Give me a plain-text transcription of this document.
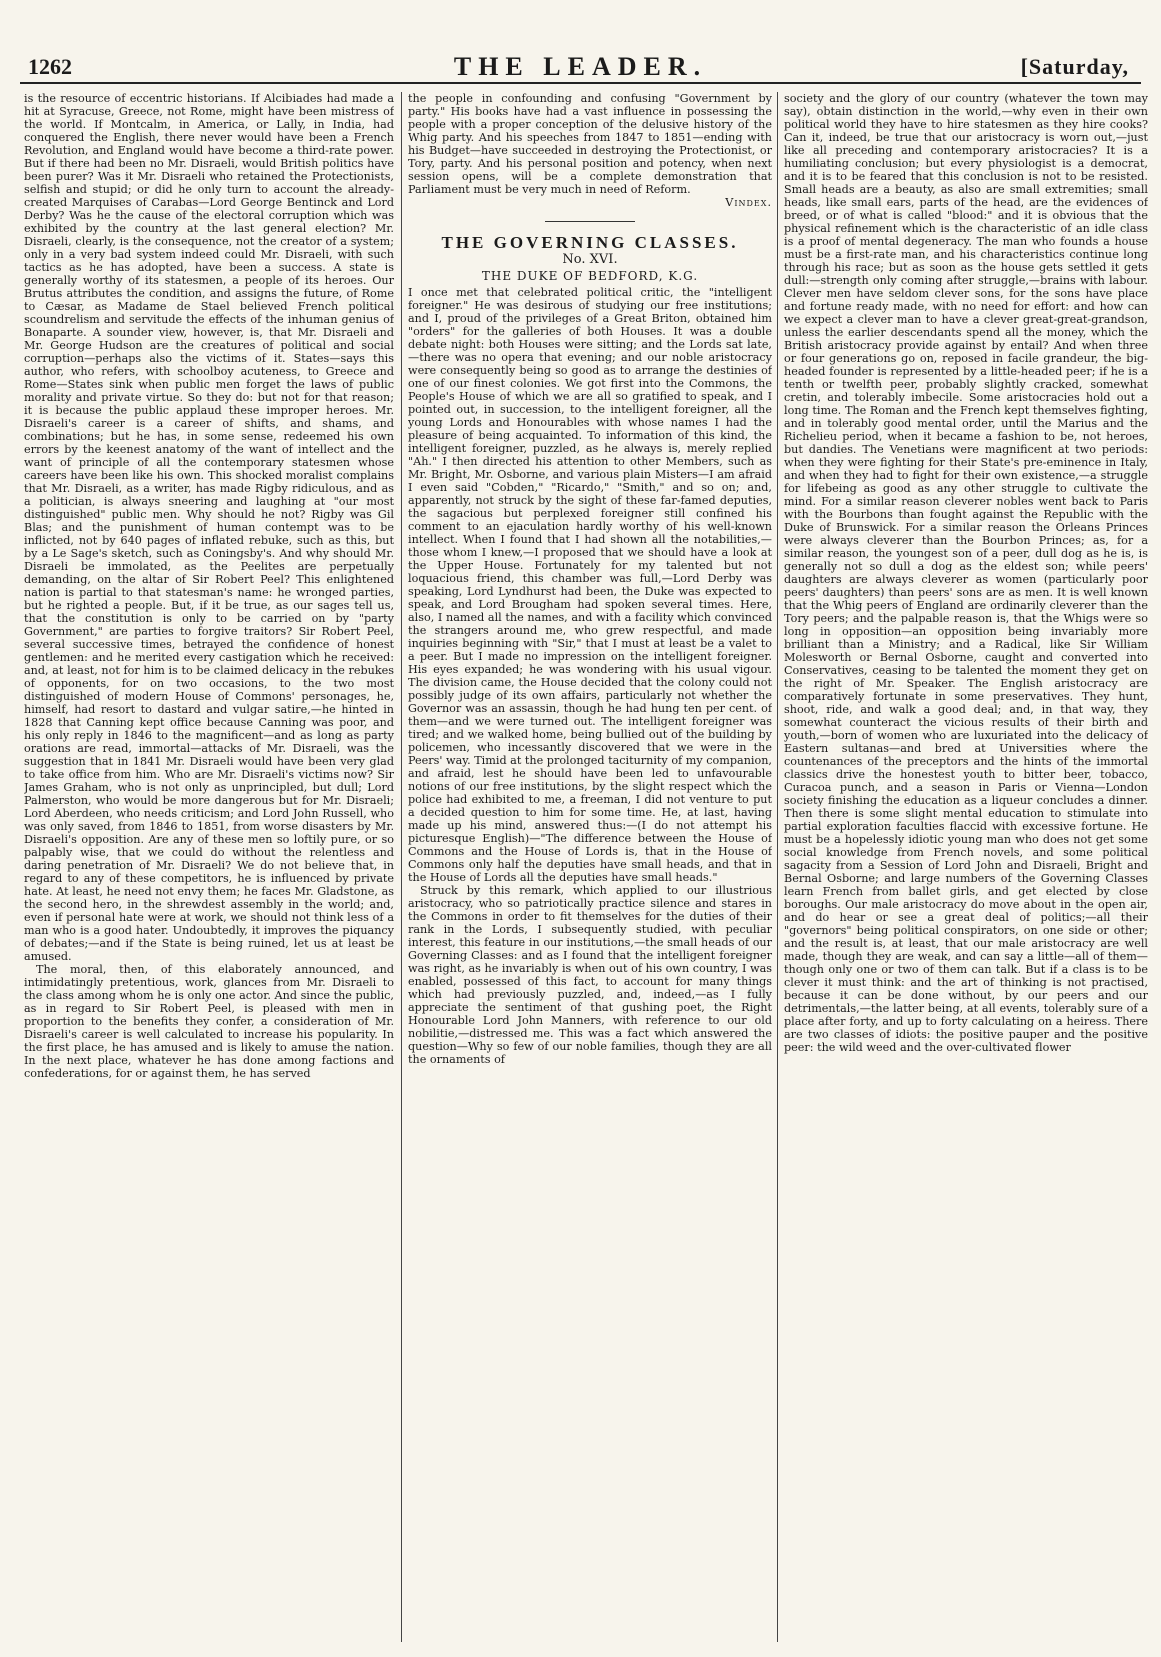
1262	THE LEADER.	[Saturday,

is the resource of eccentric historians. If Alcibiades had made a hit at Syracuse, Greece, not Rome, might have been mistress of the world. If Montcalm, in America, or Lally, in India, had conquered the English, there never would have been a French Revolution, and England would have become a third-rate power. But if there had been no Mr. Disraeli, would British politics have been purer? Was it Mr. Disraeli who retained the Protectionists, selfish and stupid; or did he only turn to account the already-created Marquises of Carabas—Lord George Bentinck and Lord Derby? Was he the cause of the electoral corruption which was exhibited by the country at the last general election? Mr. Disraeli, clearly, is the consequence, not the creator of a system; only in a very bad system indeed could Mr. Disraeli, with such tactics as he has adopted, have been a success. A state is generally worthy of its statesmen, a people of its heroes. Our Brutus attributes the condition, and assigns the future, of Rome to Cæsar, as Madame de Stael believed French political scoundrelism and servitude the effects of the inhuman genius of Bonaparte. A sounder view, however, is, that Mr. Disraeli and Mr. George Hudson are the creatures of political and social corruption—perhaps also the victims of it. States—says this author, who refers, with schoolboy acuteness, to Greece and Rome—States sink when public men forget the laws of public morality and private virtue. So they do: but not for that reason; it is because the public applaud these improper heroes. Mr. Disraeli's career is a career of shifts, and shams, and combinations; but he has, in some sense, redeemed his own errors by the keenest anatomy of the want of intellect and the want of principle of all the contemporary statesmen whose careers have been like his own. This shocked moralist complains that Mr. Disraeli, as a writer, has made Rigby ridiculous, and as a politician, is always sneering and laughing at "our most distinguished" public men. Why should he not? Rigby was Gil Blas; and the punishment of human contempt was to be inflicted, not by 640 pages of inflated rebuke, such as this, but by a Le Sage's sketch, such as Coningsby's. And why should Mr. Disraeli be immolated, as the Peelites are perpetually demanding, on the altar of Sir Robert Peel? This enlightened nation is partial to that statesman's name: he wronged parties, but he righted a people. But, if it be true, as our sages tell us, that the constitution is only to be carried on by "party Government," are parties to forgive traitors? Sir Robert Peel, several successive times, betrayed the confidence of honest gentlemen: and he merited every castigation which he received: and, at least, not for him is to be claimed delicacy in the rebukes of opponents, for on two occasions, to the two most distinguished of modern House of Commons' personages, he, himself, had resort to dastard and vulgar satire,—he hinted in 1828 that Canning kept office because Canning was poor, and his only reply in 1846 to the magnificent—and as long as party orations are read, immortal—attacks of Mr. Disraeli, was the suggestion that in 1841 Mr. Disraeli would have been very glad to take office from him. Who are Mr. Disraeli's victims now? Sir James Graham, who is not only as unprincipled, but dull; Lord Palmerston, who would be more dangerous but for Mr. Disraeli; Lord Aberdeen, who needs criticism; and Lord John Russell, who was only saved, from 1846 to 1851, from worse disasters by Mr. Disraeli's opposition. Are any of these men so loftily pure, or so palpably wise, that we could do without the relentless and daring penetration of Mr. Disraeli? We do not believe that, in regard to any of these competitors, he is influenced by private hate. At least, he need not envy them; he faces Mr. Gladstone, as the second hero, in the shrewdest assembly in the world; and, even if personal hate were at work, we should not think less of a man who is a good hater. Undoubtedly, it improves the piquancy of debates;—and if the State is being ruined, let us at least be amused.

The moral, then, of this elaborately announced, and intimidatingly pretentious, work, glances from Mr. Disraeli to the class among whom he is only one actor. And since the public, as in regard to Sir Robert Peel, is pleased with men in proportion to the benefits they confer, a consideration of Mr. Disraeli's career is well calculated to increase his popularity. In the first place, he has amused and is likely to amuse the nation. In the next place, whatever he has done among factions and confederations, for or against them, he has served

the people in confounding and confusing "Government by party." His books have had a vast influence in possessing the people with a proper conception of the delusive history of the Whig party. And his speeches from 1847 to 1851—ending with his Budget—have succeeded in destroying the Protectionist, or Tory, party. And his personal position and potency, when next session opens, will be a complete demonstration that Parliament must be very much in need of Reform.

Vindex.

THE GOVERNING CLASSES.
No. XVI.
THE DUKE OF BEDFORD, K.G.

I once met that celebrated political critic, the "intelligent foreigner." He was desirous of studying our free institutions; and I, proud of the privileges of a Great Briton, obtained him "orders" for the galleries of both Houses. It was a double debate night: both Houses were sitting; and the Lords sat late,—there was no opera that evening; and our noble aristocracy were consequently being so good as to arrange the destinies of one of our finest colonies. We got first into the Commons, the People's House of which we are all so gratified to speak, and I pointed out, in succession, to the intelligent foreigner, all the young Lords and Honourables with whose names I had the pleasure of being acquainted. To information of this kind, the intelligent foreigner, puzzled, as he always is, merely replied "Ah." I then directed his attention to other Members, such as Mr. Bright, Mr. Osborne, and various plain Misters—I am afraid I even said "Cobden," "Ricardo," "Smith," and so on; and, apparently, not struck by the sight of these far-famed deputies, the sagacious but perplexed foreigner still confined his comment to an ejaculation hardly worthy of his well-known intellect. When I found that I had shown all the notabilities,—those whom I knew,—I proposed that we should have a look at the Upper House. Fortunately for my talented but not loquacious friend, this chamber was full,—Lord Derby was speaking, Lord Lyndhurst had been, the Duke was expected to speak, and Lord Brougham had spoken several times. Here, also, I named all the names, and with a facility which convinced the strangers around me, who grew respectful, and made inquiries beginning with "Sir," that I must at least be a valet to a peer. But I made no impression on the intelligent foreigner. His eyes expanded; he was wondering with his usual vigour. The division came, the House decided that the colony could not possibly judge of its own affairs, particularly not whether the Governor was an assassin, though he had hung ten per cent. of them—and we were turned out. The intelligent foreigner was tired; and we walked home, being bullied out of the building by policemen, who incessantly discovered that we were in the Peers' way. Timid at the prolonged taciturnity of my companion, and afraid, lest he should have been led to unfavourable notions of our free institutions, by the slight respect which the police had exhibited to me, a freeman, I did not venture to put a decided question to him for some time. He, at last, having made up his mind, answered thus:—(I do not attempt his picturesque English)—"The difference between the House of Commons and the House of Lords is, that in the House of Commons only half the deputies have small heads, and that in the House of Lords all the deputies have small heads."

Struck by this remark, which applied to our illustrious aristocracy, who so patriotically practice silence and stares in the Commons in order to fit themselves for the duties of their rank in the Lords, I subsequently studied, with peculiar interest, this feature in our institutions,—the small heads of our Governing Classes: and as I found that the intelligent foreigner was right, as he invariably is when out of his own country, I was enabled, possessed of this fact, to account for many things which had previously puzzled, and, indeed,—as I fully appreciate the sentiment of that gushing poet, the Right Honourable Lord John Manners, with reference to our old nobilitie,—distressed me. This was a fact which answered the question—Why so few of our noble families, though they are all the ornaments of

society and the glory of our country (whatever the town may say), obtain distinction in the world,—why even in their own political world they have to hire statesmen as they hire cooks? Can it, indeed, be true that our aristocracy is worn out,—just like all preceding and contemporary aristocracies? It is a humiliating conclusion; but every physiologist is a democrat, and it is to be feared that this conclusion is not to be resisted. Small heads are a beauty, as also are small extremities; small heads, like small ears, parts of the head, are the evidences of breed, or of what is called "blood:" and it is obvious that the physical refinement which is the characteristic of an idle class is a proof of mental degeneracy. The man who founds a house must be a first-rate man, and his characteristics continue long through his race; but as soon as the house gets settled it gets dull:—strength only coming after struggle,—brains with labour. Clever men have seldom clever sons, for the sons have place and fortune ready made, with no need for effort: and how can we expect a clever man to have a clever great-great-grandson, unless the earlier descendants spend all the money, which the British aristocracy provide against by entail? And when three or four generations go on, reposed in facile grandeur, the big-headed founder is represented by a little-headed peer; if he is a tenth or twelfth peer, probably slightly cracked, somewhat cretin, and tolerably imbecile. Some aristocracies hold out a long time. The Roman and the French kept themselves fighting, and in tolerably good mental order, until the Marius and the Richelieu period, when it became a fashion to be, not heroes, but dandies. The Venetians were magnificent at two periods: when they were fighting for their State's pre-eminence in Italy, and when they had to fight for their own existence,—a struggle for lifebeing as good as any other struggle to cultivate the mind. For a similar reason cleverer nobles went back to Paris with the Bourbons than fought against the Republic with the Duke of Brunswick. For a similar reason the Orleans Princes were always cleverer than the Bourbon Princes; as, for a similar reason, the youngest son of a peer, dull dog as he is, is generally not so dull a dog as the eldest son; while peers' daughters are always cleverer as women (particularly poor peers' daughters) than peers' sons are as men. It is well known that the Whig peers of England are ordinarily cleverer than the Tory peers; and the palpable reason is, that the Whigs were so long in opposition—an opposition being invariably more brilliant than a Ministry; and a Radical, like Sir William Molesworth or Bernal Osborne, caught and converted into Conservatives, ceasing to be talented the moment they get on the right of Mr. Speaker. The English aristocracy are comparatively fortunate in some preservatives. They hunt, shoot, ride, and walk a good deal; and, in that way, they somewhat counteract the vicious results of their birth and youth,—born of women who are luxuriated into the delicacy of Eastern sultanas—and bred at Universities where the countenances of the preceptors and the hints of the immortal classics drive the honestest youth to bitter beer, tobacco, Curacoa punch, and a season in Paris or Vienna—London society finishing the education as a liqueur concludes a dinner. Then there is some slight mental education to stimulate into partial exploration faculties flaccid with excessive fortune. He must be a hopelessly idiotic young man who does not get some social knowledge from French novels, and some political sagacity from a Session of Lord John and Disraeli, Bright and Bernal Osborne; and large numbers of the Governing Classes learn French from ballet girls, and get elected by close boroughs. Our male aristocracy do move about in the open air, and do hear or see a great deal of politics;—all their "governors" being political conspirators, on one side or other; and the result is, at least, that our male aristocracy are well made, though they are weak, and can say a little—all of them—though only one or two of them can talk. But if a class is to be clever it must think: and the art of thinking is not practised, because it can be done without, by our peers and our detrimentals,—the latter being, at all events, tolerably sure of a place after forty, and up to forty calculating on a heiress. There are two classes of idiots: the positive pauper and the positive peer: the wild weed and the over-cultivated flower
